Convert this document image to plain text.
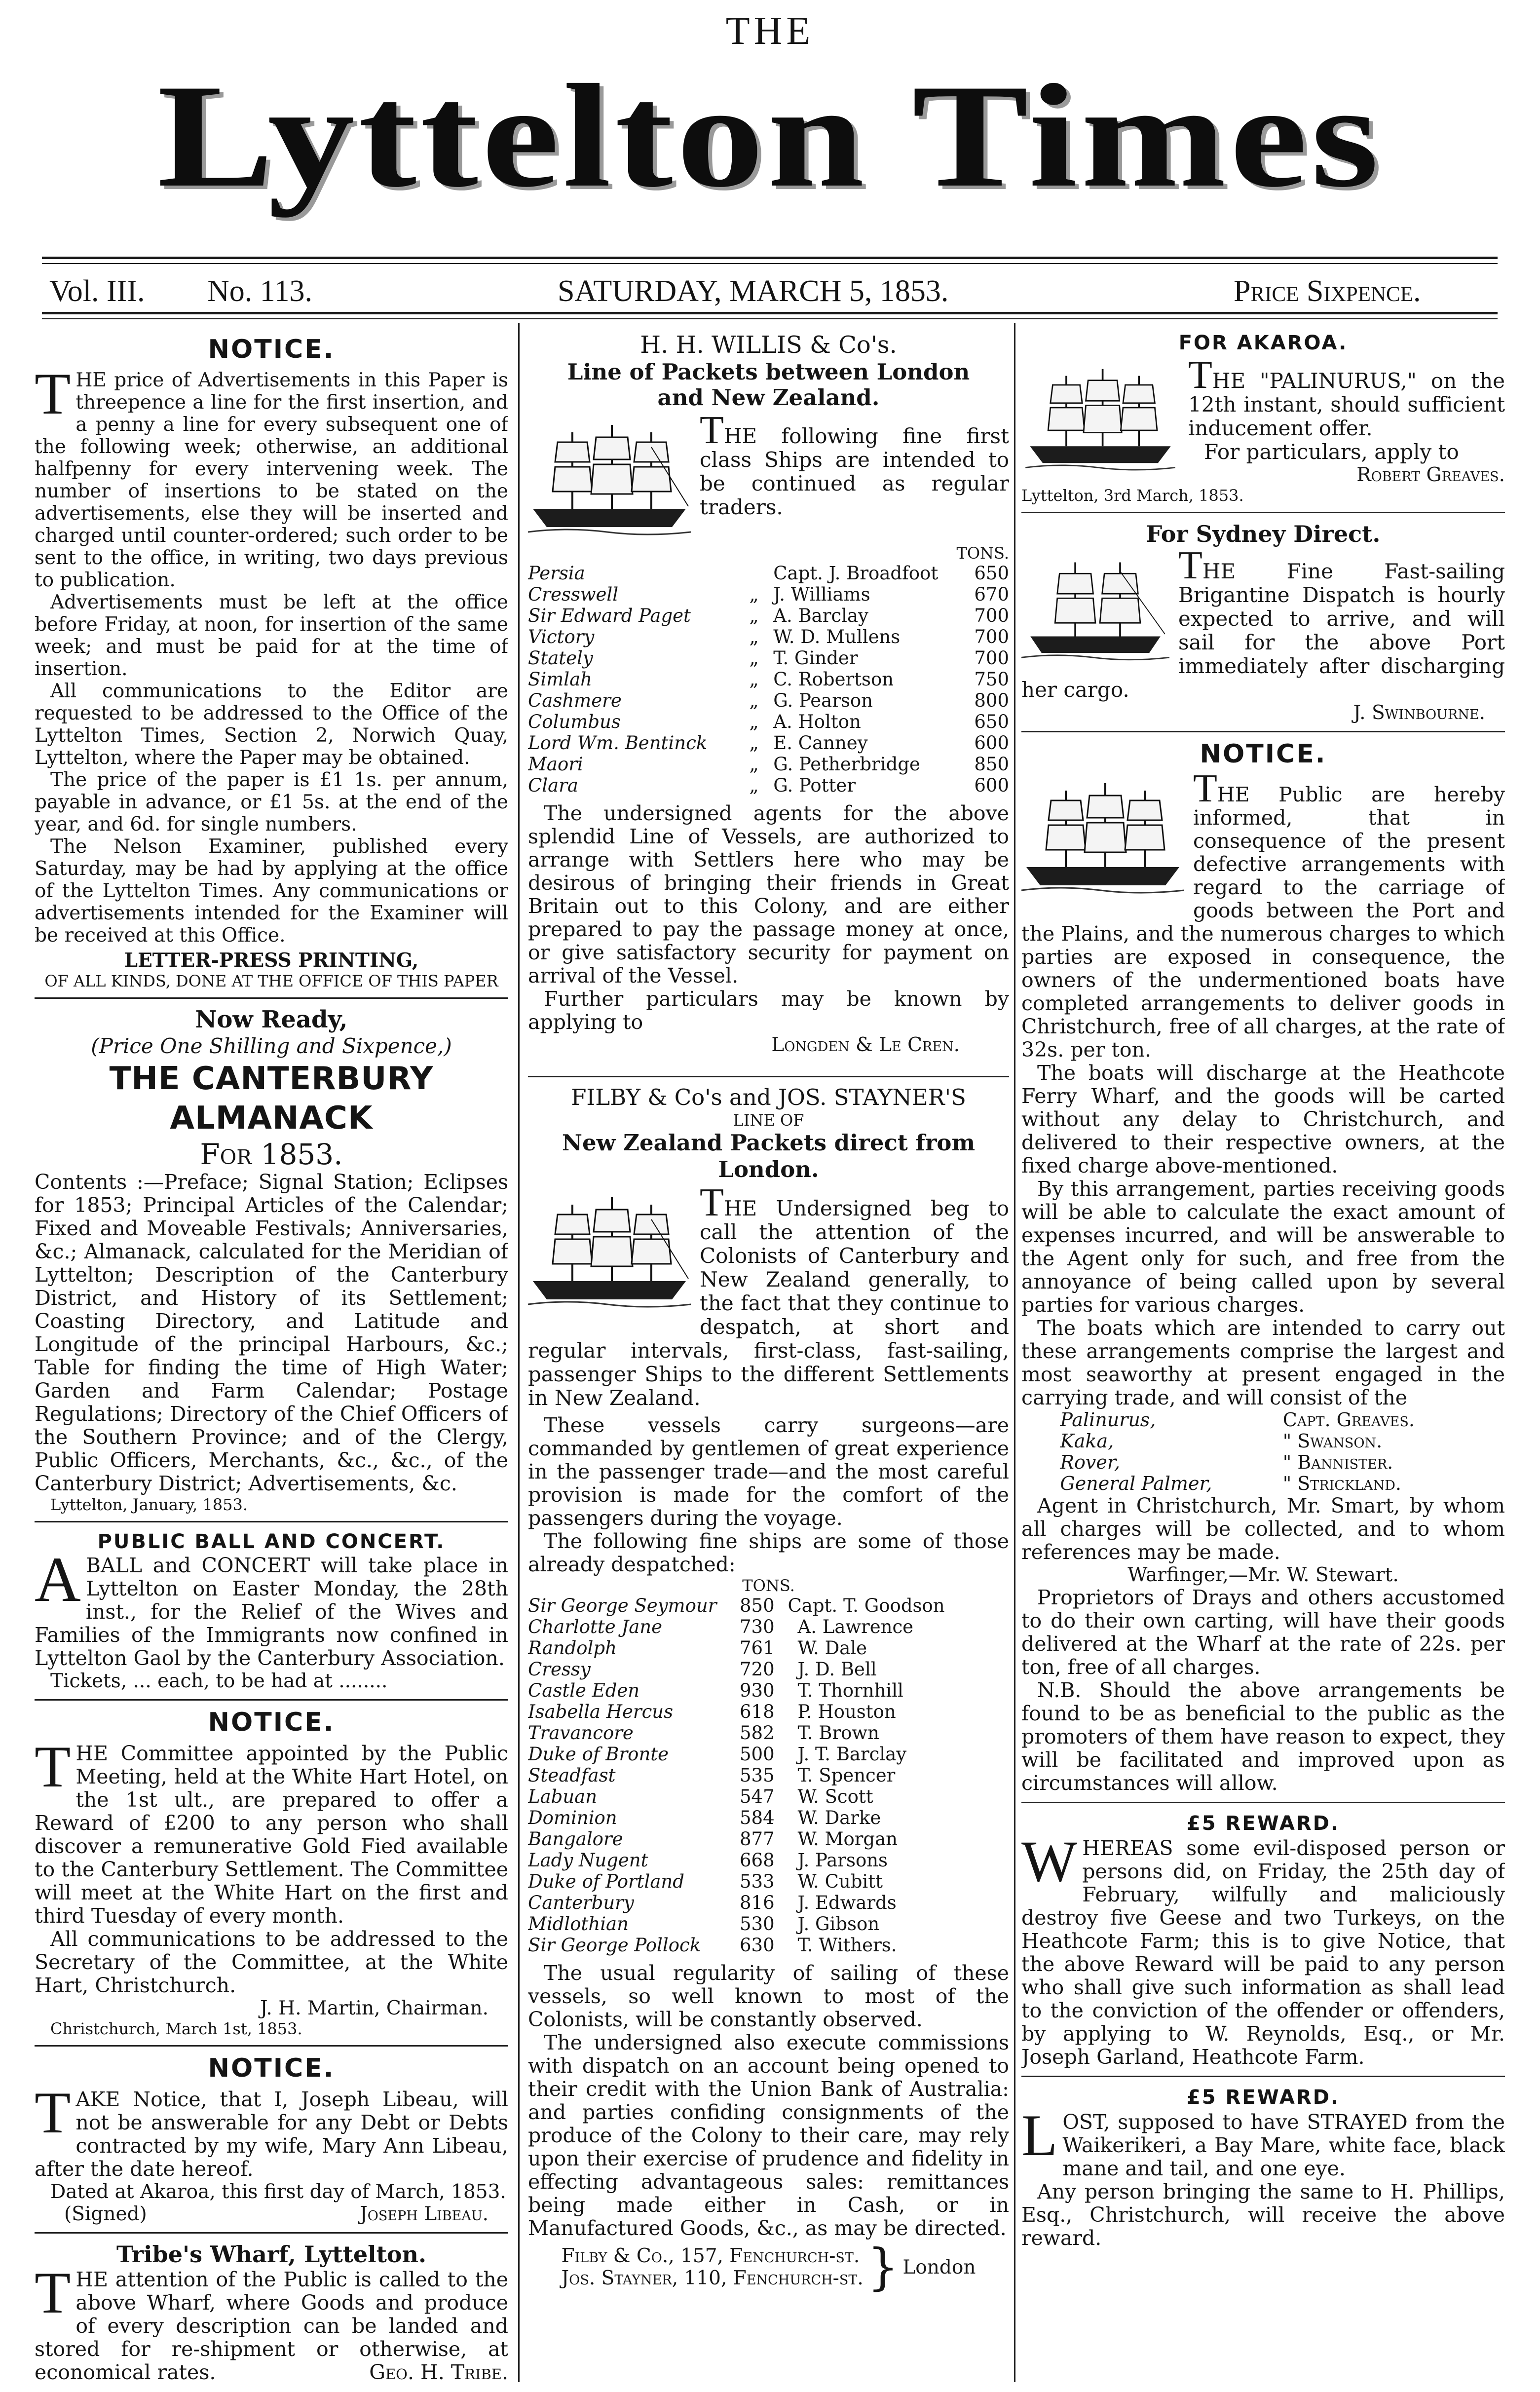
THE
Lyttelton Times
Vol. III. No. 113.	SATURDAY, MARCH 5, 1853.	Price Sixpence.
NOTICE.

THE price of Advertisements in this Paper is threepence a line for the first insertion, and a penny a line for every subsequent one of the following week; otherwise, an additional halfpenny for every intervening week. The number of insertions to be stated on the advertisements, else they will be inserted and charged until counter-ordered; such order to be sent to the office, in writing, two days previous to publication.

Advertisements must be left at the office before Friday, at noon, for insertion of the same week; and must be paid for at the time of insertion.

All communications to the Editor are requested to be addressed to the Office of the Lyttelton Times, Section 2, Norwich Quay, Lyttelton, where the Paper may be obtained.

The price of the paper is £1 1s. per annum, payable in advance, or £1 5s. at the end of the year, and 6d. for single numbers.

The Nelson Examiner, published every Saturday, may be had by applying at the office of the Lyttelton Times. Any communications or advertisements intended for the Examiner will be received at this Office.

LETTER-PRESS PRINTING,

OF ALL KINDS, DONE AT THE OFFICE OF THIS PAPER

Now Ready,

(Price One Shilling and Sixpence,)

THE CANTERBURY ALMANACK

For 1853.

Contents :—Preface; Signal Station; Eclipses for 1853; Principal Articles of the Calendar; Fixed and Moveable Festivals; Anniversaries, &c.; Almanack, calculated for the Meridian of Lyttelton; Description of the Canterbury District, and History of its Settlement; Coasting Directory, and Latitude and Longitude of the principal Harbours, &c.; Table for finding the time of High Water; Garden and Farm Calendar; Postage Regulations; Directory of the Chief Officers of the Southern Province; and of the Clergy, Public Officers, Merchants, &c., &c., of the Canterbury District; Advertisements, &c.

Lyttelton, January, 1853.

PUBLIC BALL AND CONCERT.

ABALL and CONCERT will take place in Lyttelton on Easter Monday, the 28th inst., for the Relief of the Wives and Families of the Immigrants now confined in Lyttelton Gaol by the Canterbury Association.

Tickets, ... each, to be had at ........

NOTICE.

THE Committee appointed by the Public Meeting, held at the White Hart Hotel, on the 1st ult., are prepared to offer a Reward of £200 to any person who shall discover a remunerative Gold Fied available to the Canterbury Settlement. The Committee will meet at the White Hart on the first and third Tuesday of every month.

All communications to be addressed to the Secretary of the Committee, at the White Hart, Christchurch.

J. H. Martin, Chairman.

Christchurch, March 1st, 1853.

NOTICE.

TAKE Notice, that I, Joseph Libeau, will not be answerable for any Debt or Debts contracted by my wife, Mary Ann Libeau, after the date hereof.

Dated at Akaroa, this first day of March, 1853.

(Signed)	Joseph Libeau.

Tribe's Wharf, Lyttelton.

THE attention of the Public is called to the above Wharf, where Goods and produce of every description can be landed and stored for re-shipment or otherwise, at economical rates.	Geo. H. Tribe.

H. H. WILLIS & Co's.

Line of Packets between London and New Zealand.

THE following fine first class Ships are intended to be continued as regular traders.

TONS.

Persia		Capt. J. Broadfoot	650
Cresswell	„	J. Williams	670
Sir Edward Paget	„	A. Barclay	700
Victory	„	W. D. Mullens	700
Stately	„	T. Ginder	700
Simlah	„	C. Robertson	750
Cashmere	„	G. Pearson	800
Columbus	„	A. Holton	650
Lord Wm. Bentinck	„	E. Canney	600
Maori	„	G. Petherbridge	850
Clara	„	G. Potter	600

The undersigned agents for the above splendid Line of Vessels, are authorized to arrange with Settlers here who may be desirous of bringing their friends in Great Britain out to this Colony, and are either prepared to pay the passage money at once, or give satisfactory security for payment on arrival of the Vessel.

Further particulars may be known by applying to

Longden & Le Cren.

FILBY & Co's and JOS. STAYNER'S

LINE OF

New Zealand Packets direct from London.

THE Undersigned beg to call the attention of the Colonists of Canterbury and New Zealand generally, to the fact that they continue to despatch, at short and regular intervals, first-class, fast-sailing, passenger Ships to the different Settlements in New Zealand.

These vessels carry surgeons—are commanded by gentlemen of great experience in the passenger trade—and the most careful provision is made for the comfort of the passengers during the voyage.

The following fine ships are some of those already despatched:

TONS.

Sir George Seymour	850	Capt. T. Goodson
Charlotte Jane	730	A. Lawrence
Randolph	761	W. Dale
Cressy	720	J. D. Bell
Castle Eden	930	T. Thornhill
Isabella Hercus	618	P. Houston
Travancore	582	T. Brown
Duke of Bronte	500	J. T. Barclay
Steadfast	535	T. Spencer
Labuan	547	W. Scott
Dominion	584	W. Darke
Bangalore	877	W. Morgan
Lady Nugent	668	J. Parsons
Duke of Portland	533	W. Cubitt
Canterbury	816	J. Edwards
Midlothian	530	J. Gibson
Sir George Pollock	630	T. Withers.

The usual regularity of sailing of these vessels, so well known to most of the Colonists, will be constantly observed.

The undersigned also execute commissions with dispatch on an account being opened to their credit with the Union Bank of Australia: and parties confiding consignments of the produce of the Colony to their care, may rely upon their exercise of prudence and fidelity in effecting advantageous sales: remittances being made either in Cash, or in Manufactured Goods, &c., as may be directed.

Filby & Co., 157, Fenchurch-st.
Jos. Stayner, 110, Fenchurch-st. } London

FOR AKAROA.

THE "PALINURUS," on the 12th instant, should sufficient inducement offer.

For particulars, apply to

Robert Greaves.

Lyttelton, 3rd March, 1853.

For Sydney Direct.

THE Fine Fast-sailing Brigantine Dispatch is hourly expected to arrive, and will sail for the above Port immediately after discharging her cargo.

J. Swinbourne.

NOTICE.

THE Public are hereby informed, that in consequence of the present defective arrangements with regard to the carriage of goods between the Port and the Plains, and the numerous charges to which parties are exposed in consequence, the owners of the undermentioned boats have completed arrangements to deliver goods in Christchurch, free of all charges, at the rate of 32s. per ton.

The boats will discharge at the Heathcote Ferry Wharf, and the goods will be carted without any delay to Christchurch, and delivered to their respective owners, at the fixed charge above-mentioned.

By this arrangement, parties receiving goods will be able to calculate the exact amount of expenses incurred, and will be answerable to the Agent only for such, and free from the annoyance of being called upon by several parties for various charges.

The boats which are intended to carry out these arrangements comprise the largest and most seaworthy at present engaged in the carrying trade, and will consist of the

Palinurus,	Capt. Greaves.
Kaka,	" Swanson.
Rover,	" Bannister.
General Palmer,	" Strickland.

Agent in Christchurch, Mr. Smart, by whom all charges will be collected, and to whom references may be made.

Warfinger,—Mr. W. Stewart.

Proprietors of Drays and others accustomed to do their own carting, will have their goods delivered at the Wharf at the rate of 22s. per ton, free of all charges.

N.B. Should the above arrangements be found to be as beneficial to the public as the promoters of them have reason to expect, they will be facilitated and improved upon as circumstances will allow.

£5 REWARD.

WHEREAS some evil-disposed person or persons did, on Friday, the 25th day of February, wilfully and maliciously destroy five Geese and two Turkeys, on the Heathcote Farm; this is to give Notice, that the above Reward will be paid to any person who shall give such information as shall lead to the conviction of the offender or offenders, by applying to W. Reynolds, Esq., or Mr. Joseph Garland, Heathcote Farm.

£5 REWARD.

LOST, supposed to have STRAYED from the Waikerikeri, a Bay Mare, white face, black mane and tail, and one eye.

Any person bringing the same to H. Phillips, Esq., Christchurch, will receive the above reward.
